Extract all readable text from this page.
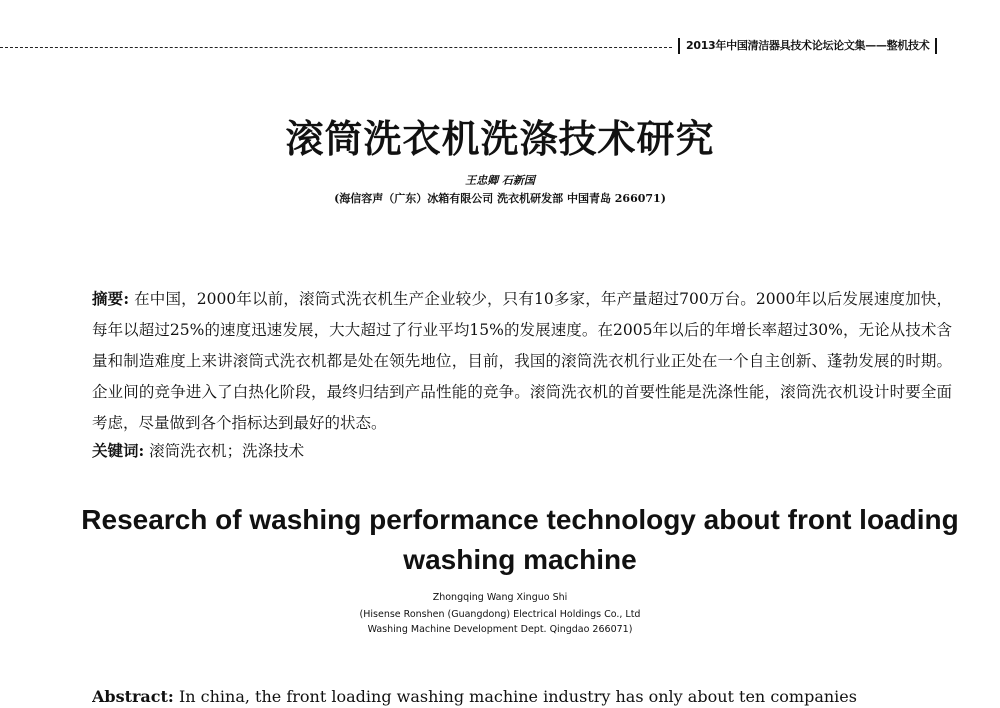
2013年中国清洁器具技术论坛论文集——整机技术
滚筒洗衣机洗涤技术研究
王忠卿 石新国
(海信容声（广东）冰箱有限公司 洗衣机研发部 中国青岛 266071)
摘要: 在中国，2000年以前，滚筒式洗衣机生产企业较少，只有10多家，年产量超过700万台。2000年以后发展速度加快，每年以超过25%的速度迅速发展，大大超过了行业平均15%的发展速度。在2005年以后的年增长率超过30%，无论从技术含量和制造难度上来讲滚筒式洗衣机都是处在领先地位，目前，我国的滚筒洗衣机行业正处在一个自主创新、蓬勃发展的时期。企业间的竞争进入了白热化阶段，最终归结到产品性能的竞争。滚筒洗衣机的首要性能是洗涤性能，滚筒洗衣机设计时要全面考虑，尽量做到各个指标达到最好的状态。
关键词: 滚筒洗衣机；洗涤技术
Research of washing performance technology about front loading washing machine
Zhongqing Wang Xinguo Shi
(Hisense Ronshen (Guangdong) Electrical Holdings Co., Ltd
Washing Machine Development Dept. Qingdao 266071)
Abstract: In china, the front loading washing machine industry has only about ten companies
